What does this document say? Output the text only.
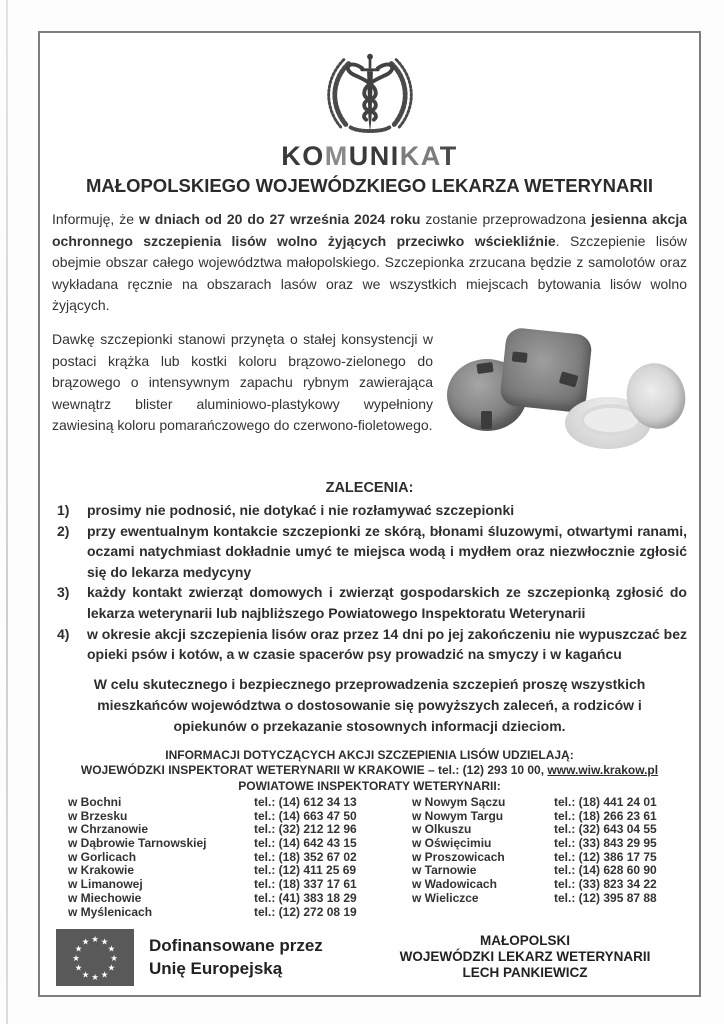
KOMUNIKAT
MAŁOPOLSKIEGO WOJEWÓDZKIEGO LEKARZA WETERYNARII
Informuję, że w dniach od 20 do 27 września 2024 roku zostanie przeprowadzona jesienna akcja ochronnego szczepienia lisów wolno żyjących przeciwko wściekliźnie. Szczepienie lisów obejmie obszar całego województwa małopolskiego. Szczepionka zrzucana będzie z samolotów oraz wykładana ręcznie na obszarach lasów oraz we wszystkich miejscach bytowania lisów wolno żyjących.
Dawkę szczepionki stanowi przynęta o stałej konsystencji w postaci krążka lub kostki koloru brązowo-zielonego do brązowego o intensywnym zapachu rybnym zawierająca wewnątrz blister aluminiowo-plastykowy wypełniony zawiesiną koloru pomarańczowego do czerwono-fioletowego.
ZALECENIA:
1)	prosimy nie podnosić, nie dotykać i nie rozłamywać szczepionki
2)	przy ewentualnym kontakcie szczepionki ze skórą, błonami śluzowymi, otwartymi ranami, oczami natychmiast dokładnie umyć te miejsca wodą i mydłem oraz niezwłocznie zgłosić się do lekarza medycyny
3)	każdy kontakt zwierząt domowych i zwierząt gospodarskich ze szczepionką zgłosić do lekarza weterynarii lub najbliższego Powiatowego Inspektoratu Weterynarii
4)	w okresie akcji szczepienia lisów oraz przez 14 dni po jej zakończeniu nie wypuszczać bez opieki psów i kotów, a w czasie spacerów psy prowadzić na smyczy i w kagańcu
W celu skutecznego i bezpiecznego przeprowadzenia szczepień proszę wszystkich mieszkańców województwa o dostosowanie się powyższych zaleceń, a rodziców i opiekunów o przekazanie stosownych informacji dzieciom.
INFORMACJI DOTYCZĄCYCH AKCJI SZCZEPIENIA LISÓW UDZIELAJĄ:
WOJEWÓDZKI INSPEKTORAT WETERYNARII W KRAKOWIE – tel.: (12) 293 10 00, www.wiw.krakow.pl
POWIATOWE INSPEKTORATY WETERYNARII:
w Bochni	tel.: (14) 612 34 13	w Nowym Sączu	tel.: (18) 441 24 01
w Brzesku	tel.: (14) 663 47 50	w Nowym Targu	tel.: (18) 266 23 61
w Chrzanowie	tel.: (32) 212 12 96	w Olkuszu	tel.: (32) 643 04 55
w Dąbrowie Tarnowskiej	tel.: (14) 642 43 15	w Oświęcimiu	tel.: (33) 843 29 95
w Gorlicach	tel.: (18) 352 67 02	w Proszowicach	tel.: (12) 386 17 75
w Krakowie	tel.: (12) 411 25 69	w Tarnowie	tel.: (14) 628 60 90
w Limanowej	tel.: (18) 337 17 61	w Wadowicach	tel.: (33) 823 34 22
w Miechowie	tel.: (41) 383 18 29	w Wieliczce	tel.: (12) 395 87 88
w Myślenicach	tel.: (12) 272 08 19
★ ★
★
★
★
★
★
★
★
★
★
★	Dofinansowane przez
Unię Europejską
MAŁOPOLSKI
WOJEWÓDZKI LEKARZ WETERYNARII
LECH PANKIEWICZ
